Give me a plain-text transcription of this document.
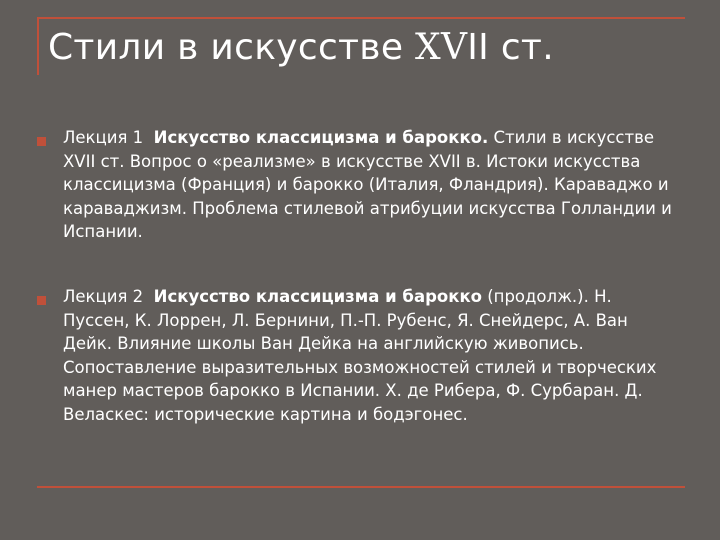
Стили в искусстве XVII ст.

Лекция 1 Искусство классицизма и барокко. Стили в искусстве XVII ст. Вопрос о «реализме» в искусстве XVII в. Истоки искусства классицизма (Франция) и барокко (Италия, Фландрия). Караваджо и караваджизм. Проблема стилевой атрибуции искусства Голландии и Испании.

Лекция 2 Искусство классицизма и барокко (продолж.). Н. Пуссен, К. Лоррен, Л. Бернини, П.-П. Рубенс, Я. Снейдерс, А. Ван Дейк. Влияние школы Ван Дейка на английскую живопись. Сопоставление выразительных возможностей стилей и творческих манер мастеров барокко в Испании. Х. де Рибера, Ф. Сурбаран. Д. Веласкес: исторические картина и бодэгонес.
